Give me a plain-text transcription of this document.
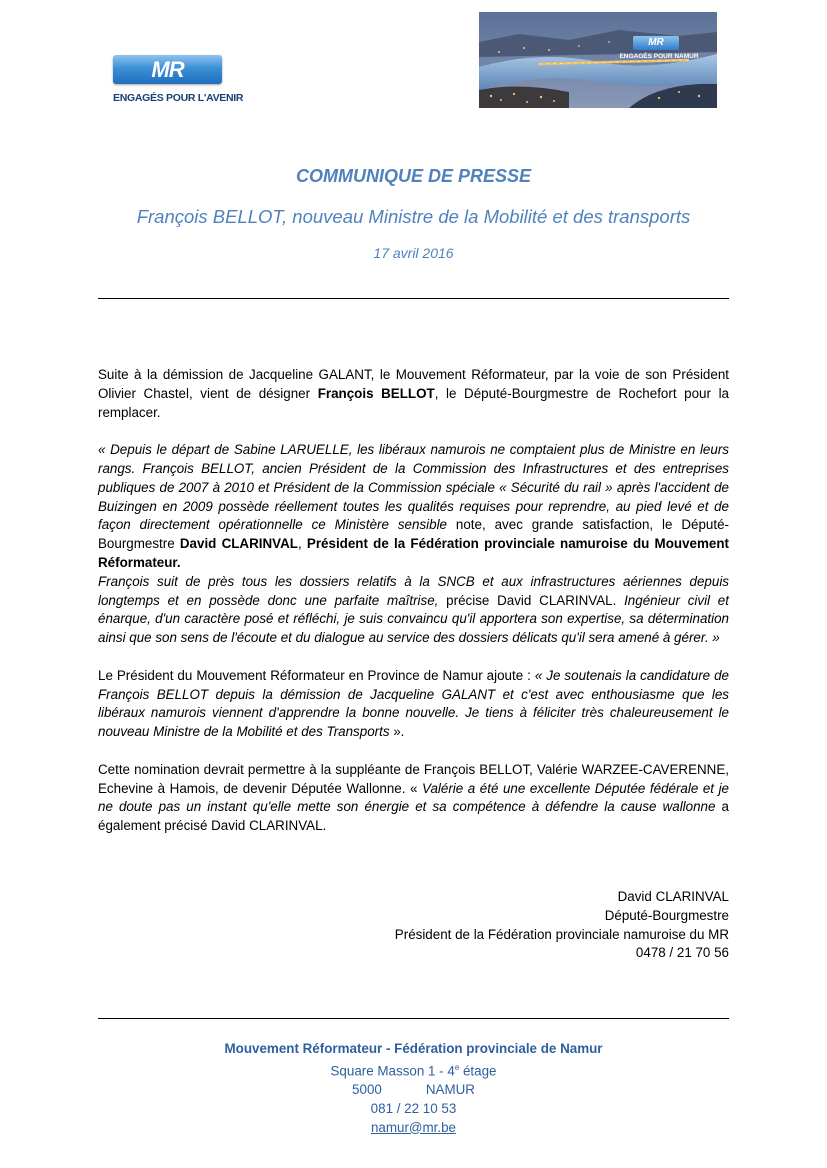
MR
ENGAGÉS POUR L'AVENIR
MR
ENGAGÉS POUR NAMUR
COMMUNIQUE DE PRESSE
François BELLOT, nouveau Ministre de la Mobilité et des transports
17 avril 2016

Suite à la démission de Jacqueline GALANT, le Mouvement Réformateur, par la voie de son Président Olivier Chastel, vient de désigner François BELLOT, le Député-Bourgmestre de Rochefort pour la remplacer.

« Depuis le départ de Sabine LARUELLE, les libéraux namurois ne comptaient plus de Ministre en leurs rangs. François BELLOT, ancien Président de la Commission des Infrastructures et des entreprises publiques de 2007 à 2010 et Président de la Commission spéciale « Sécurité du rail » après l'accident de Buizingen en 2009 possède réellement toutes les qualités requises pour reprendre, au pied levé et de façon directement opérationnelle ce Ministère sensible note, avec grande satisfaction, le Député-Bourgmestre David CLARINVAL, Président de la Fédération provinciale namuroise du Mouvement Réformateur.

François suit de près tous les dossiers relatifs à la SNCB et aux infrastructures aériennes depuis longtemps et en possède donc une parfaite maîtrise, précise David CLARINVAL. Ingénieur civil et énarque, d'un caractère posé et réfléchi, je suis convaincu qu'il apportera son expertise, sa détermination ainsi que son sens de l'écoute et du dialogue au service des dossiers délicats qu'il sera amené à gérer. »

Le Président du Mouvement Réformateur en Province de Namur ajoute : « Je soutenais la candidature de François BELLOT depuis la démission de Jacqueline GALANT et c'est avec enthousiasme que les libéraux namurois viennent d'apprendre la bonne nouvelle. Je tiens à féliciter très chaleureusement le nouveau Ministre de la Mobilité et des Transports ».

Cette nomination devrait permettre à la suppléante de François BELLOT, Valérie WARZEE-CAVERENNE, Echevine à Hamois, de devenir Députée Wallonne. « Valérie a été une excellente Députée fédérale et je ne doute pas un instant qu'elle mette son énergie et sa compétence à défendre la cause wallonne a également précisé David CLARINVAL.

David CLARINVAL
Député-Bourgmestre
Président de la Fédération provinciale namuroise du MR
0478 / 21 70 56
Mouvement Réformateur - Fédération provinciale de Namur
Square Masson 1 - 4e étage
5000	NAMUR
081 / 22 10 53
namur@mr.be
